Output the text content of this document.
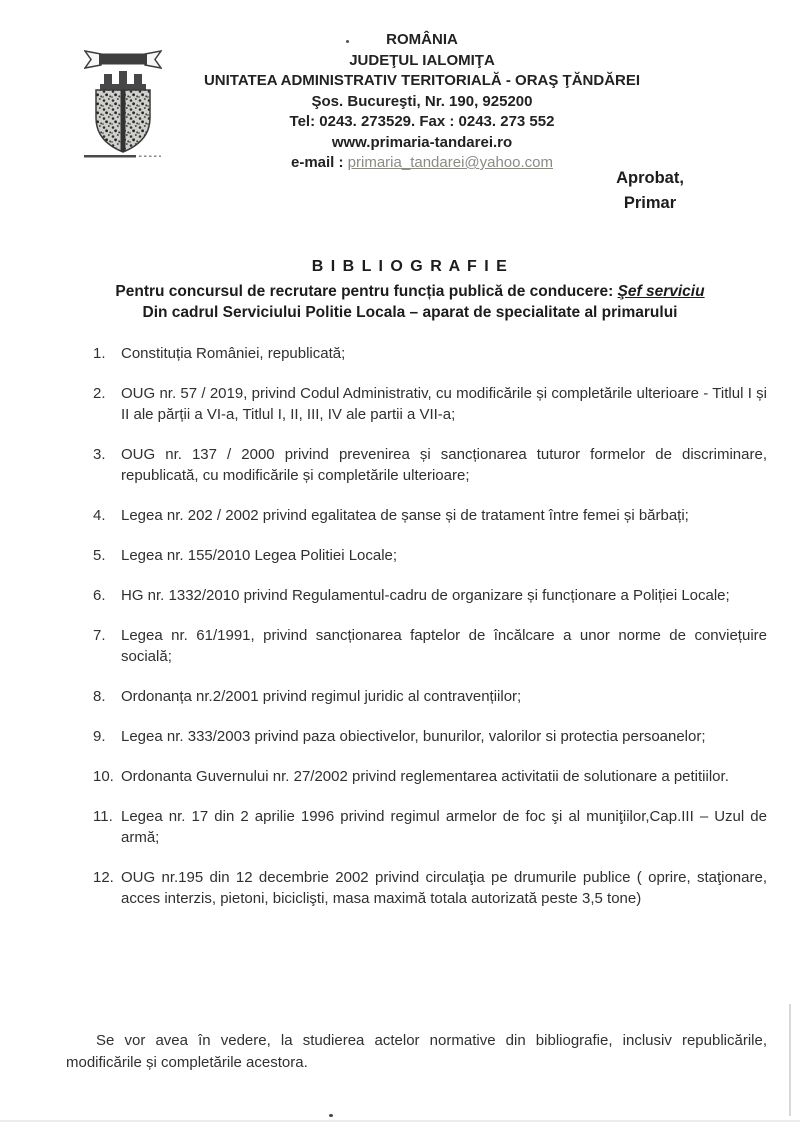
ROMÂNIA
JUDEŢUL IALOMIŢA
UNITATEA ADMINISTRATIV TERITORIALĂ - ORAŞ ŢĂNDĂREI
Şos. Bucureşti, Nr. 190, 925200
Tel: 0243. 273529. Fax : 0243. 273 552
www.primaria-tandarei.ro
e-mail : primaria_tandarei@yahoo.com
Aprobat,
Primar
B I B L I O G R A F I E
Pentru concursul de recrutare pentru funcția publică de conducere: Şef serviciu
Din cadrul Serviciului Politie Locala – aparat de specialitate al primarului
1.	Constituția României, republicată;
2.	OUG nr. 57 / 2019, privind Codul Administrativ, cu modificările și completările ulterioare - Titlul I și II ale părții a VI-a, Titlul I, II, III, IV ale partii a VII-a;
3.	OUG nr. 137 / 2000 privind prevenirea și sancționarea tuturor formelor de discriminare, republicată, cu modificările și completările ulterioare;
4.	Legea nr. 202 / 2002 privind egalitatea de șanse și de tratament între femei și bărbați;
5.	Legea nr. 155/2010 Legea Politiei Locale;
6.	HG nr. 1332/2010 privind Regulamentul-cadru de organizare și funcționare a Poliției Locale;
7.	Legea nr. 61/1991, privind sancționarea faptelor de încălcare a unor norme de conviețuire socială;
8.	Ordonanța nr.2/2001 privind regimul juridic al contravențiilor;
9.	Legea nr. 333/2003 privind paza obiectivelor, bunurilor, valorilor si protectia persoanelor;
10. Ordonanta Guvernului nr. 27/2002 privind reglementarea activitatii de solutionare a petitiilor.
11. Legea nr. 17 din 2 aprilie 1996 privind regimul armelor de foc şi al muniţiilor,Cap.III – Uzul de armă;
12. OUG nr.195 din 12 decembrie 2002 privind circulaţia pe drumurile publice ( oprire, staţionare, acces interzis, pietoni, biciclişti, masa maximă totala autorizată peste 3,5 tone)
Se vor avea în vedere, la studierea actelor normative din bibliografie, inclusiv republicările, modificările și completările acestora.
